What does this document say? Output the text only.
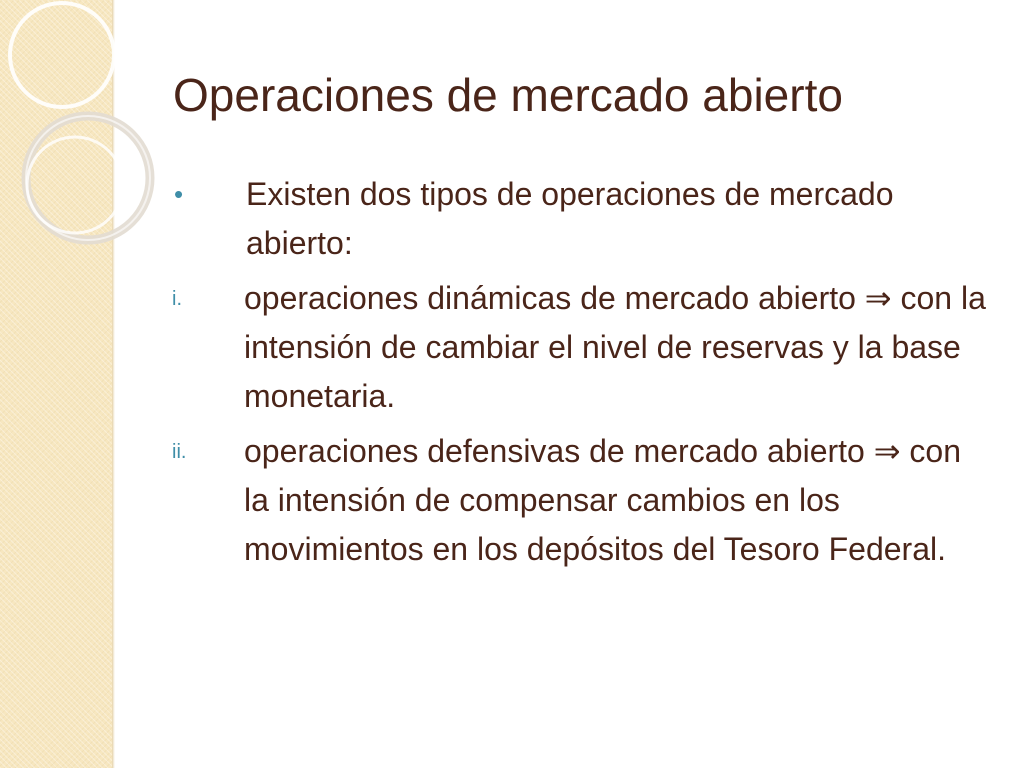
Operaciones de mercado abierto
•	Existen dos tipos de operaciones de mercado abierto:
i.	operaciones dinámicas de mercado abierto ⇒ con la intensión de cambiar el nivel de reservas y la base monetaria.
ii.	operaciones defensivas de mercado abierto ⇒ con la intensión de compensar cambios en los movimientos en los depósitos del Tesoro Federal.
